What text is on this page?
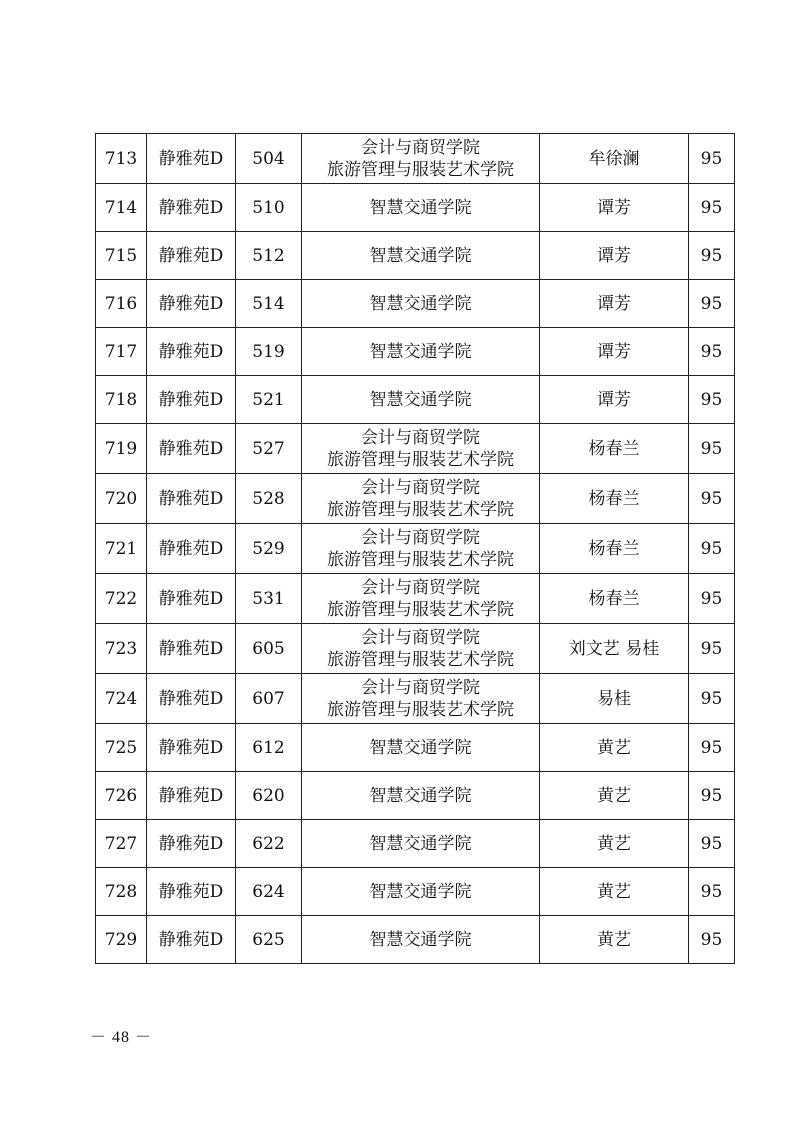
713	静雅苑D	504	会计与商贸学院
旅游管理与服装艺术学院	牟徐澜	95
714	静雅苑D	510	智慧交通学院	谭芳	95
715	静雅苑D	512	智慧交通学院	谭芳	95
716	静雅苑D	514	智慧交通学院	谭芳	95
717	静雅苑D	519	智慧交通学院	谭芳	95
718	静雅苑D	521	智慧交通学院	谭芳	95
719	静雅苑D	527	会计与商贸学院
旅游管理与服装艺术学院	杨春兰	95
720	静雅苑D	528	会计与商贸学院
旅游管理与服装艺术学院	杨春兰	95
721	静雅苑D	529	会计与商贸学院
旅游管理与服装艺术学院	杨春兰	95
722	静雅苑D	531	会计与商贸学院
旅游管理与服装艺术学院	杨春兰	95
723	静雅苑D	605	会计与商贸学院
旅游管理与服装艺术学院	刘文艺 易桂	95
724	静雅苑D	607	会计与商贸学院
旅游管理与服装艺术学院	易桂	95
725	静雅苑D	612	智慧交通学院	黄艺	95
726	静雅苑D	620	智慧交通学院	黄艺	95
727	静雅苑D	622	智慧交通学院	黄艺	95
728	静雅苑D	624	智慧交通学院	黄艺	95
729	静雅苑D	625	智慧交通学院	黄艺	95
－ 48 －
